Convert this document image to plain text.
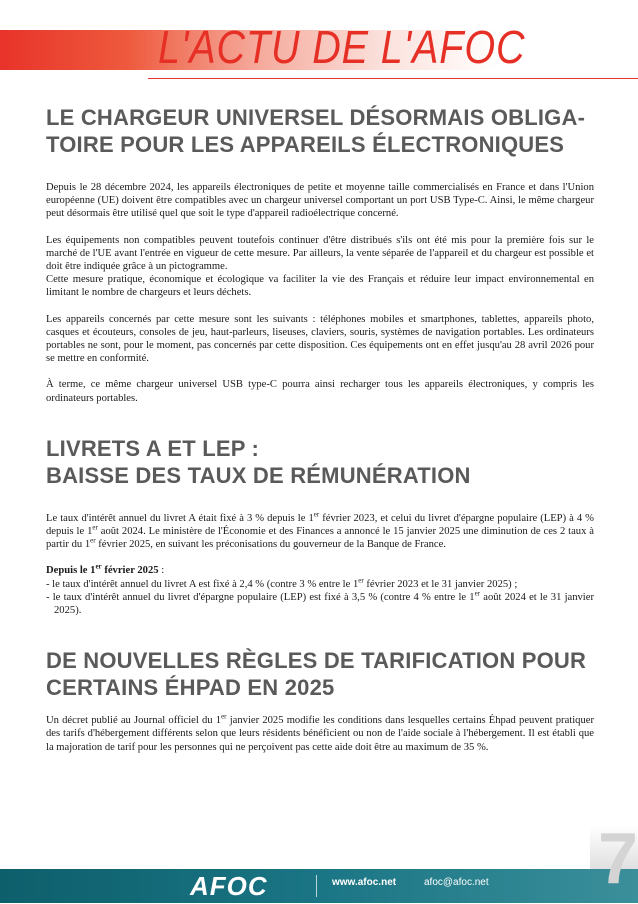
L'ACTU DE L'AFOC
LE CHARGEUR UNIVERSEL DÉSORMAIS OBLIGA-
TOIRE POUR LES APPAREILS ÉLECTRONIQUES

Depuis le 28 décembre 2024, les appareils électroniques de petite et moyenne taille commercialisés en France et dans l'Union européenne (UE) doivent être compatibles avec un chargeur universel comportant un port USB Type-C. Ainsi, le même chargeur peut désormais être utilisé quel que soit le type d'appareil radioélectrique concerné.

Les équipements non compatibles peuvent toutefois continuer d'être distribués s'ils ont été mis pour la première fois sur le marché de l'UE avant l'entrée en vigueur de cette mesure. Par ailleurs, la vente séparée de l'appareil et du chargeur est possible et doit être indiquée grâce à un pictogramme.

Cette mesure pratique, économique et écologique va faciliter la vie des Français et réduire leur impact environnemental en limitant le nombre de chargeurs et leurs déchets.

Les appareils concernés par cette mesure sont les suivants : téléphones mobiles et smartphones, tablettes, appareils photo, casques et écouteurs, consoles de jeu, haut-parleurs, liseuses, claviers, souris, systèmes de navigation portables. Les ordinateurs portables ne sont, pour le moment, pas concernés par cette disposition. Ces équipements ont en effet jusqu'au 28 avril 2026 pour se mettre en conformité.

À terme, ce même chargeur universel USB type-C pourra ainsi recharger tous les appareils électroniques, y compris les ordinateurs portables.

LIVRETS A ET LEP :
BAISSE DES TAUX DE RÉMUNÉRATION

Le taux d'intérêt annuel du livret A était fixé à 3 % depuis le 1er février 2023, et celui du livret d'épargne populaire (LEP) à 4 % depuis le 1er août 2024. Le ministère de l'Économie et des Finances a annoncé le 15 janvier 2025 une diminution de ces 2 taux à partir du 1er février 2025, en suivant les préconisations du gouverneur de la Banque de France.

Depuis le 1er février 2025 :

- le taux d'intérêt annuel du livret A est fixé à 2,4 % (contre 3 % entre le 1er février 2023 et le 31 janvier 2025) ;

- le taux d'intérêt annuel du livret d'épargne populaire (LEP) est fixé à 3,5 % (contre 4 % entre le 1er août 2024 et le 31 janvier 2025).

DE NOUVELLES RÈGLES DE TARIFICATION POUR
CERTAINS ÉHPAD EN 2025

Un décret publié au Journal officiel du 1er janvier 2025 modifie les conditions dans lesquelles certains Éhpad peuvent pratiquer des tarifs d'hébergement différents selon que leurs résidents bénéficient ou non de l'aide sociale à l'hébergement. Il est établi que la majoration de tarif pour les personnes qui ne perçoivent pas cette aide doit être au maximum de 35 %.

AFOC	www.afoc.net	afoc@afoc.net 7
